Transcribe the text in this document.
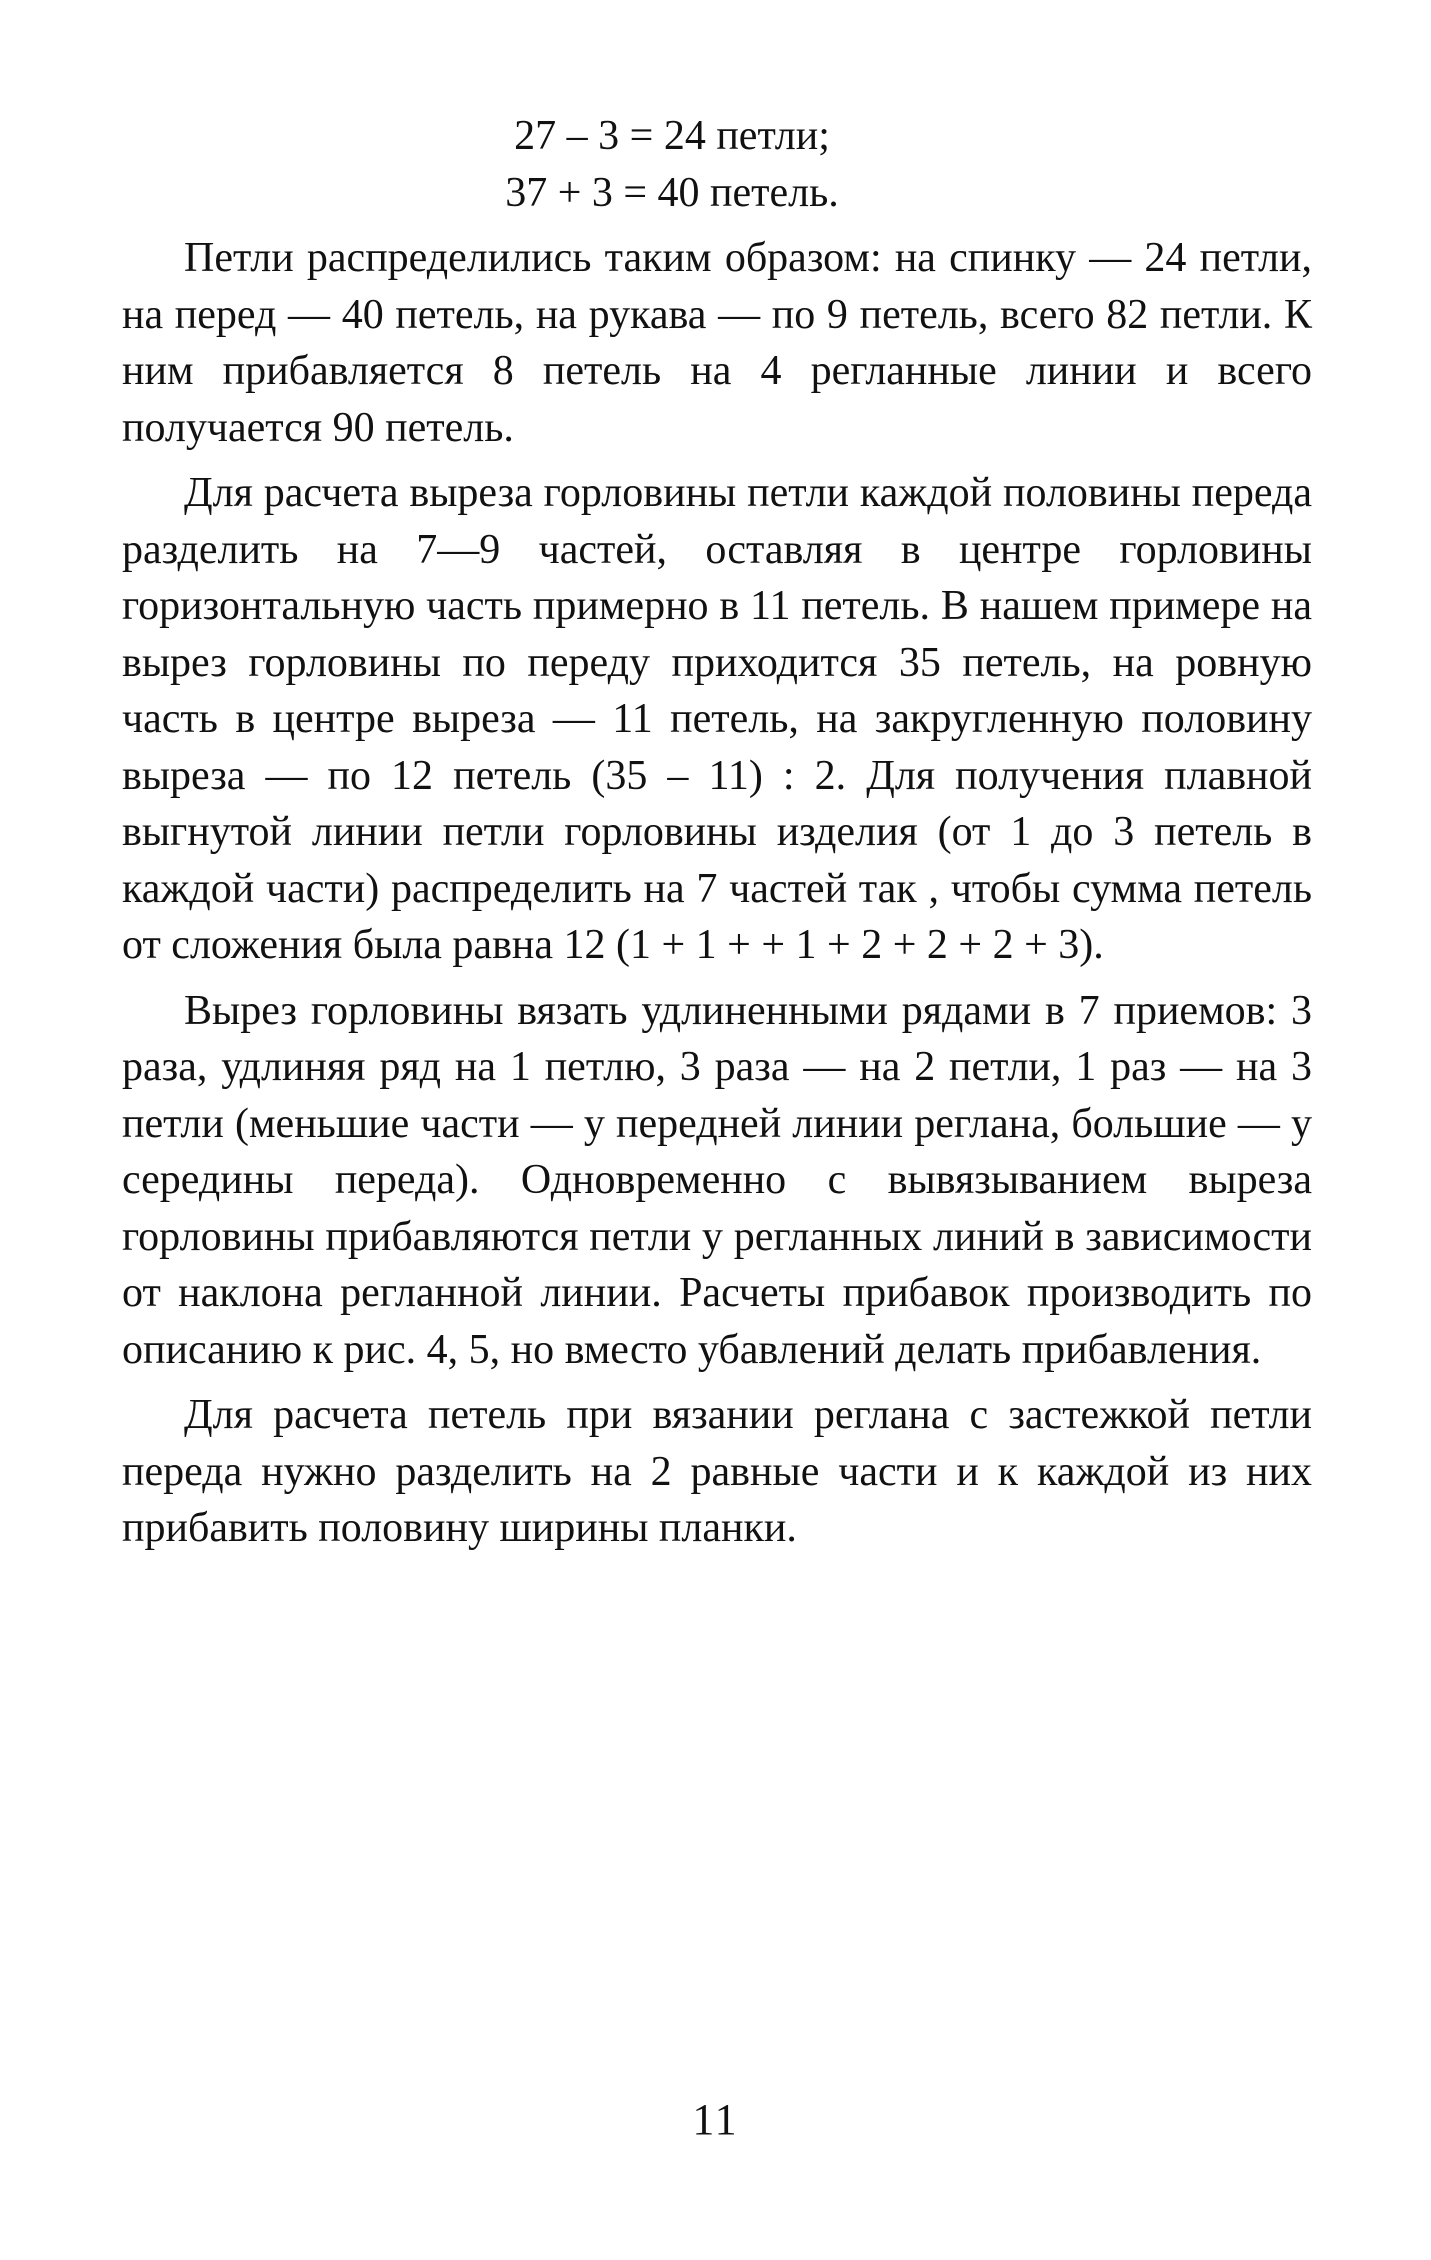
27 – 3 = 24 петли;

37 + 3 = 40 петель.

Петли распределились таким образом: на спинку — 24 петли, на перед — 40 петель, на рукава — по 9 петель, всего 82 петли. К ним прибавляется 8 петель на 4 регланные линии и всего получается 90 петель.

Для расчета выреза горловины петли каждой половины переда разделить на 7—9 частей, оставляя в центре горловины горизонтальную часть примерно в 11 петель. В нашем примере на вырез горловины по переду приходится 35 петель, на ровную часть в центре выреза — 11 петель, на закругленную половину выреза — по 12 петель (35 – 11) : 2. Для получения плавной выгнутой линии петли горловины изделия (от 1 до 3 петель в каждой части) распределить на 7 частей так , чтобы сумма петель от сложения была равна 12 (1 + 1 + + 1 + 2 + 2 + 2 + 3).

Вырез горловины вязать удлиненными рядами в 7 приемов: 3 раза, удлиняя ряд на 1 петлю, 3 раза — на 2 петли, 1 раз — на 3 петли (меньшие части — у передней линии реглана, большие — у середины переда). Одновременно с вывязыванием выреза горловины прибавляются петли у регланных линий в зависимости от наклона регланной линии. Расчеты прибавок производить по описанию к рис. 4, 5, но вместо убавлений делать прибавления.

Для расчета петель при вязании реглана с застежкой петли переда нужно разделить на 2 равные части и к каждой из них прибавить половину ширины планки.

11
